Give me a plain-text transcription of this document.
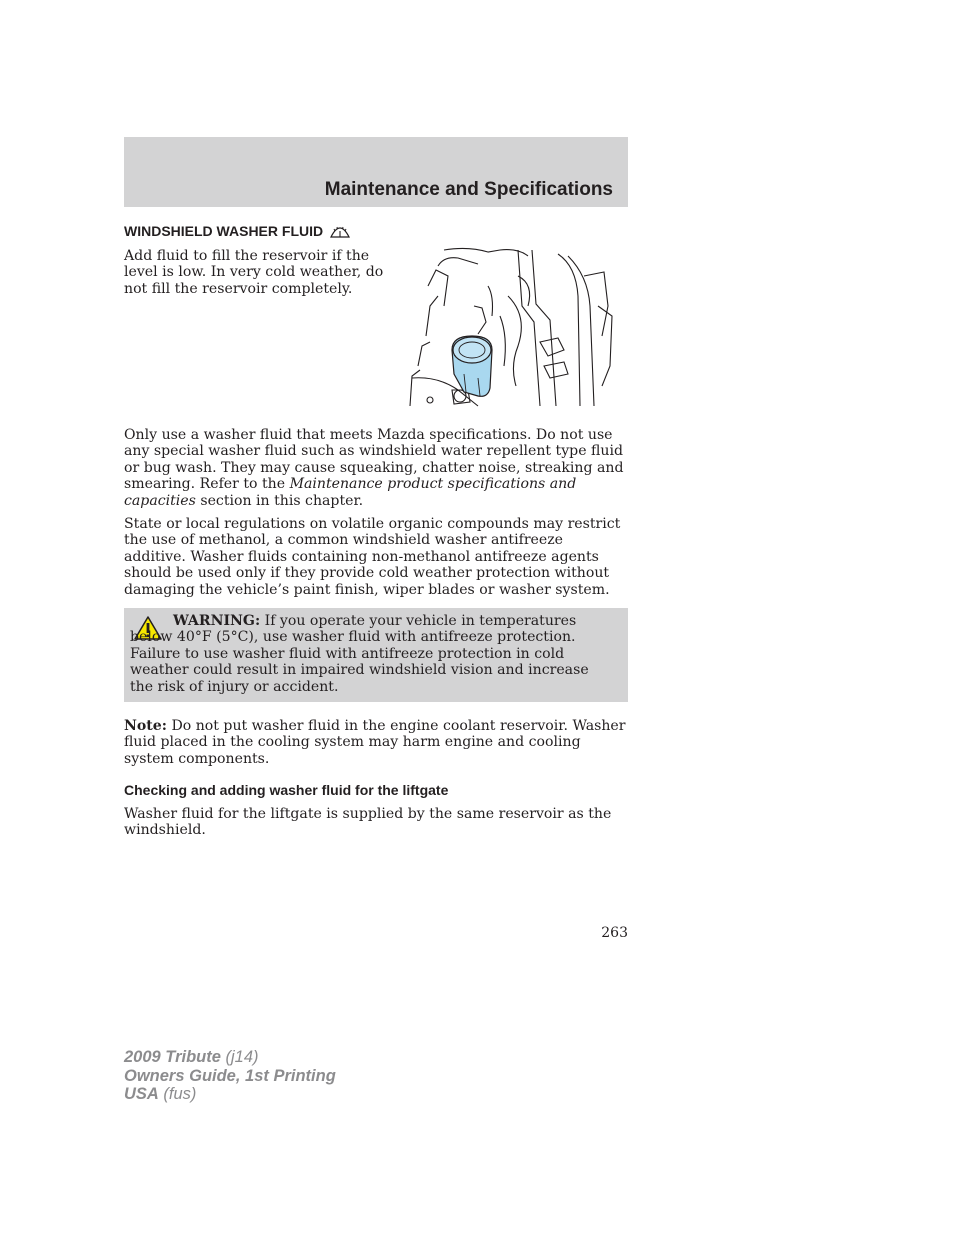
Maintenance and Specifications
WINDSHIELD WASHER FLUID

Add fluid to fill the reservoir if the level is low. In very cold weather, do not fill the reservoir completely.

Only use a washer fluid that meets Mazda specifications. Do not use any special washer fluid such as windshield water repellent type fluid or bug wash. They may cause squeaking, chatter noise, streaking and smearing. Refer to the Maintenance product specifications and capacities section in this chapter.

State or local regulations on volatile organic compounds may restrict the use of methanol, a common windshield washer antifreeze additive. Washer fluids containing non-methanol antifreeze agents should be used only if they provide cold weather protection without damaging the vehicle’s paint finish, wiper blades or washer system.

WARNING: If you operate your vehicle in temperatures below 40°F (5°C), use washer fluid with antifreeze protection. Failure to use washer fluid with antifreeze protection in cold weather could result in impaired windshield vision and increase the risk of injury or accident.

Note: Do not put washer fluid in the engine coolant reservoir. Washer fluid placed in the cooling system may harm engine and cooling system components.

Checking and adding washer fluid for the liftgate

Washer fluid for the liftgate is supplied by the same reservoir as the windshield.

263
2009 Tribute (j14)
Owners Guide, 1st Printing
USA (fus)
